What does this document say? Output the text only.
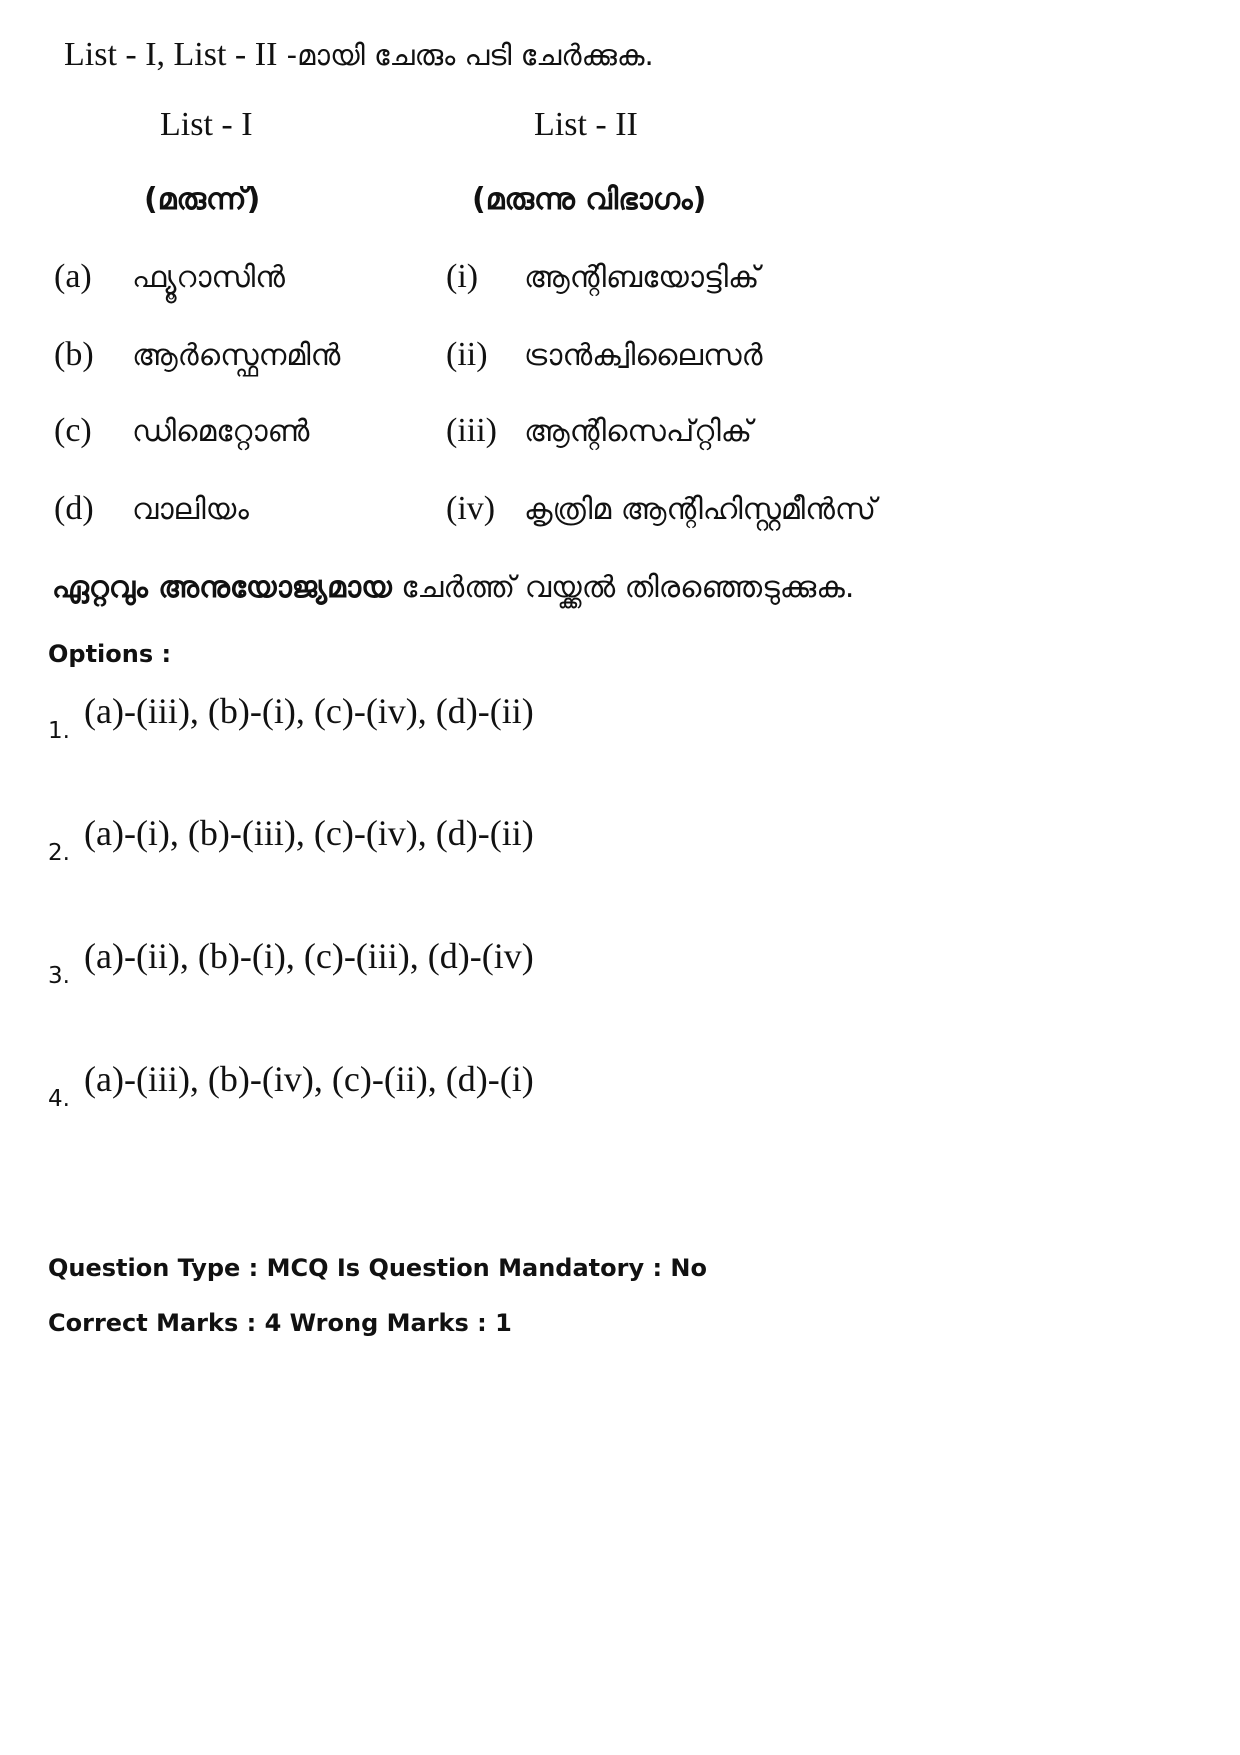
List - I, List - II -മായി ചേരും പടി ചേർക്കുക.
List - I	List - II
(മരുന്ന്)	(മരുന്നു വിഭാഗം)
(a) ഫ്യൂറാസിൻ	(i) ആന്റിബയോട്ടിക്
(b) ആർസ്ഫെനമിൻ	(ii) ട്രാൻക്വിലൈസർ
(c) ഡിമെറ്റോൺ	(iii) ആന്റിസെപ്റ്റിക്
(d) വാലിയം	(iv) കൃത്രിമ ആന്റിഹിസ്റ്റമീൻസ്
ഏറ്റവും അനുയോജ്യമായ ചേർത്ത് വയ്ക്കൽ തിരഞ്ഞെടുക്കുക.
Options :
1. (a)-(iii), (b)-(i), (c)-(iv), (d)-(ii)
2. (a)-(i), (b)-(iii), (c)-(iv), (d)-(ii)
3. (a)-(ii), (b)-(i), (c)-(iii), (d)-(iv)
4. (a)-(iii), (b)-(iv), (c)-(ii), (d)-(i)
Question Type : MCQ Is Question Mandatory : No
Correct Marks : 4 Wrong Marks : 1
